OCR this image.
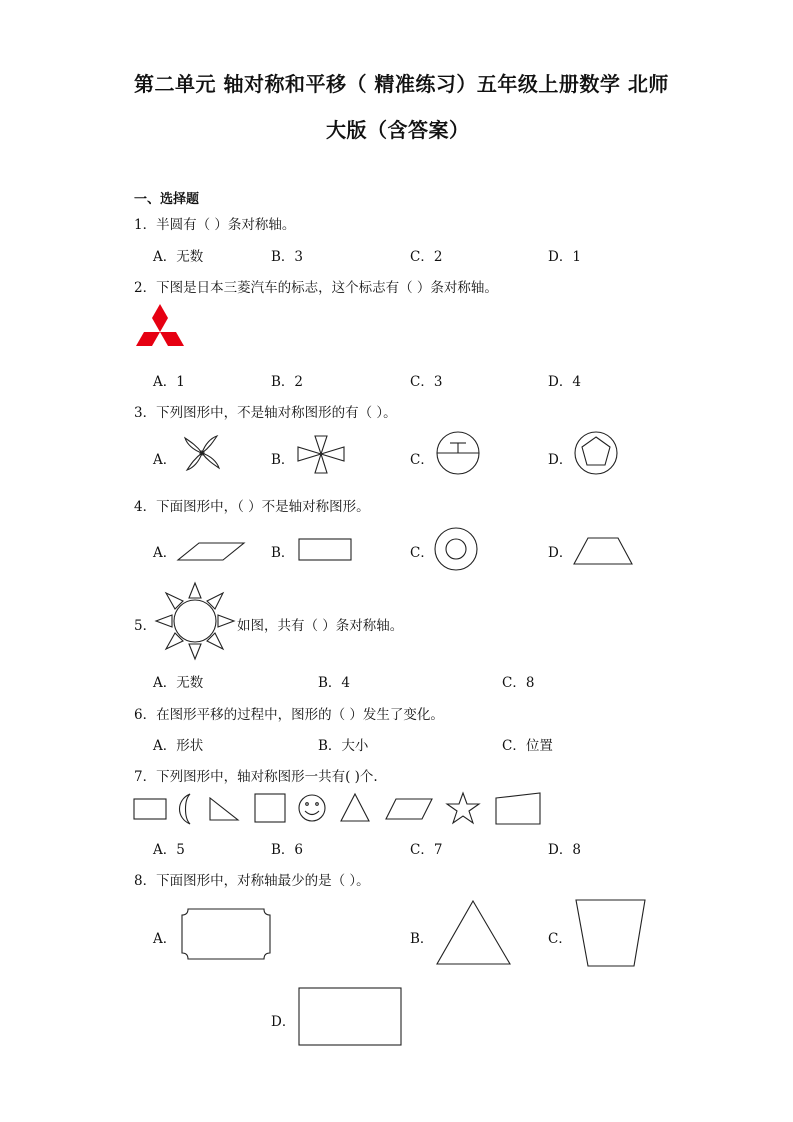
第二单元 轴对称和平移（ 精准练习）五年级上册数学 北师
大版（含答案）
一、选择题
1．半圆有（ ）条对称轴。
A．无数	B．3	C．2	D．1
2．下图是日本三菱汽车的标志，这个标志有（ ）条对称轴。
A．1	B．2	C．3	D．4
3．下列图形中，不是轴对称图形的有（ ）。
A．	B．	C．	D．
4．下面图形中，（ ）不是轴对称图形。
A．	B．	C．	D．
5．	如图，共有（ ）条对称轴。
A．无数	B．4	C．8
6．在图形平移的过程中，图形的（ ）发生了变化。
A．形状	B．大小	C．位置
7．下列图形中，轴对称图形一共有( )个.
A．5	B．6	C．7	D．8
8．下面图形中，对称轴最少的是（ ）。
A．	B．	C．
D．
